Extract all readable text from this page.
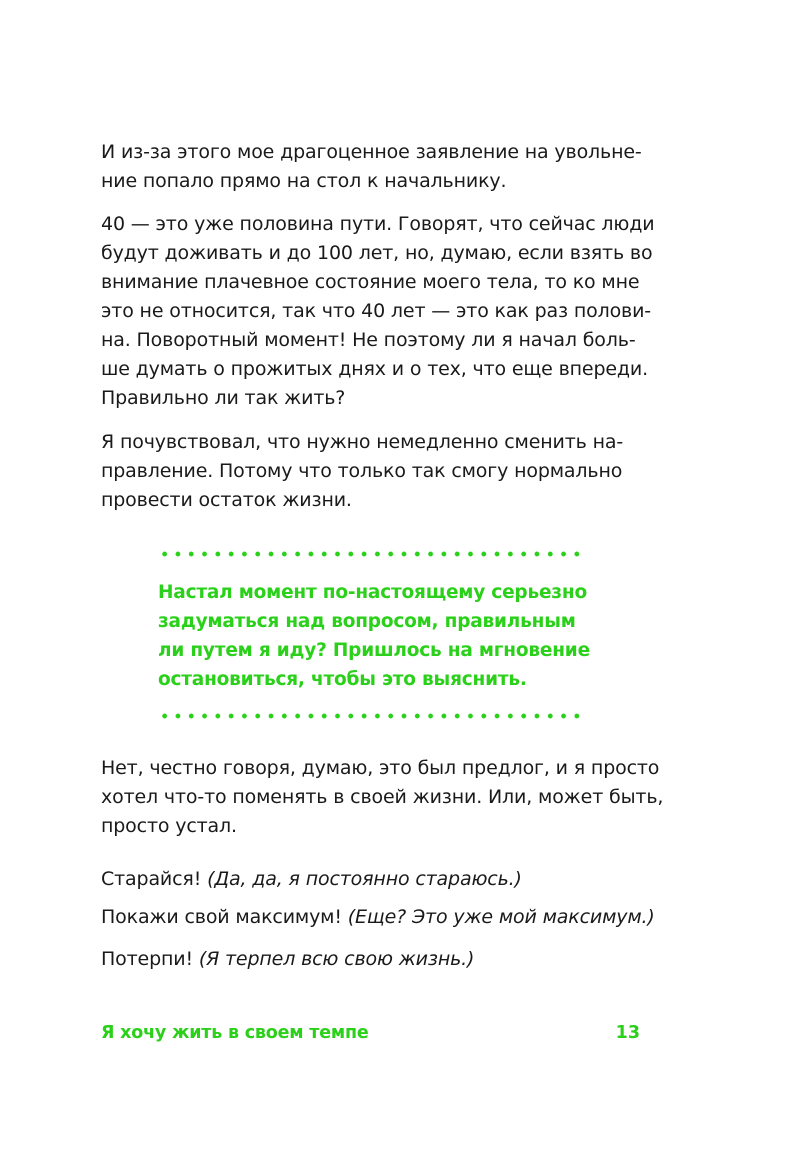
И из-за этого мое драгоценное заявление на увольне-
ние попало прямо на стол к начальнику.

40 — это уже половина пути. Говорят, что сейчас люди
будут доживать и до 100 лет, но, думаю, если взять во
внимание плачевное состояние моего тела, то ко мне
это не относится, так что 40 лет — это как раз полови-
на. Поворотный момент! Не поэтому ли я начал боль-
ше думать о прожитых днях и о тех, что еще впереди.
Правильно ли так жить?

Я почувствовал, что нужно немедленно сменить на-
правление. Потому что только так смогу нормально
провести остаток жизни.

Настал момент по-настоящему серьезно
задуматься над вопросом, правильным
ли путем я иду? Пришлось на мгновение
остановиться, чтобы это выяснить.

Нет, честно говоря, думаю, это был предлог, и я просто
хотел что-то поменять в своей жизни. Или, может быть,
просто устал.

Старайся! (Да, да, я постоянно стараюсь.)
Покажи свой максимум! (Еще? Это уже мой максимум.)
Потерпи! (Я терпел всю свою жизнь.)
Я хочу жить в своем темпе	13
